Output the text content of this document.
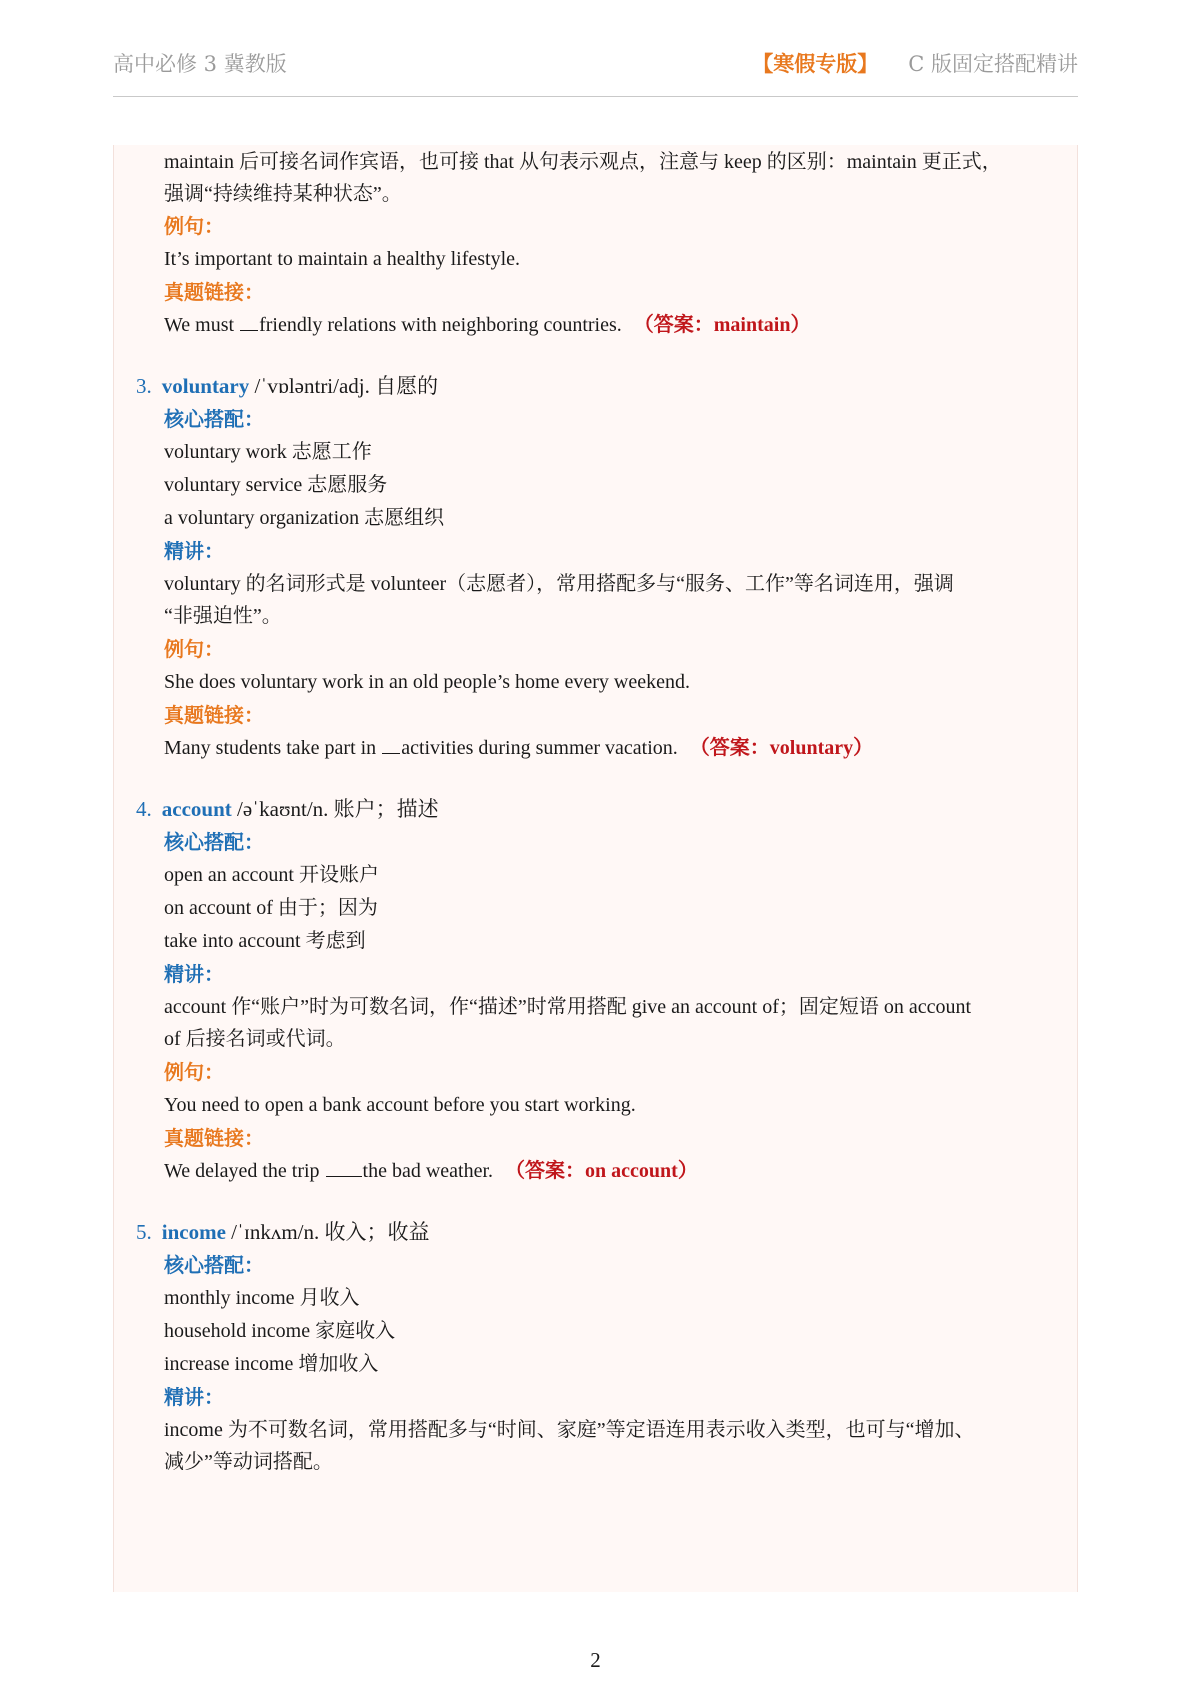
高中必修 3 冀教版	【寒假专版】 C 版固定搭配精讲
maintain 后可接名词作宾语，也可接 that 从句表示观点，注意与 keep 的区别：maintain 更正式，
强调“持续维持某种状态”。
例句：
It’s important to maintain a healthy lifestyle.
真题链接：
We must friendly relations with neighboring countries. （答案：maintain）
3. voluntary /ˈvɒləntri/adj. 自愿的
核心搭配：
voluntary work 志愿工作
voluntary service 志愿服务
a voluntary organization 志愿组织
精讲：
voluntary 的名词形式是 volunteer（志愿者），常用搭配多与“服务、工作”等名词连用，强调
“非强迫性”。
例句：
She does voluntary work in an old people’s home every weekend.
真题链接：
Many students take part in activities during summer vacation. （答案：voluntary）
4. account /əˈkaʊnt/n. 账户；描述
核心搭配：
open an account 开设账户
on account of 由于；因为
take into account 考虑到
精讲：
account 作“账户”时为可数名词，作“描述”时常用搭配 give an account of；固定短语 on account
of 后接名词或代词。
例句：
You need to open a bank account before you start working.
真题链接：
We delayed the trip the bad weather. （答案：on account）
5. income /ˈɪnkʌm/n. 收入；收益
核心搭配：
monthly income 月收入
household income 家庭收入
increase income 增加收入
精讲：
income 为不可数名词，常用搭配多与“时间、家庭”等定语连用表示收入类型，也可与“增加、
减少”等动词搭配。
2
